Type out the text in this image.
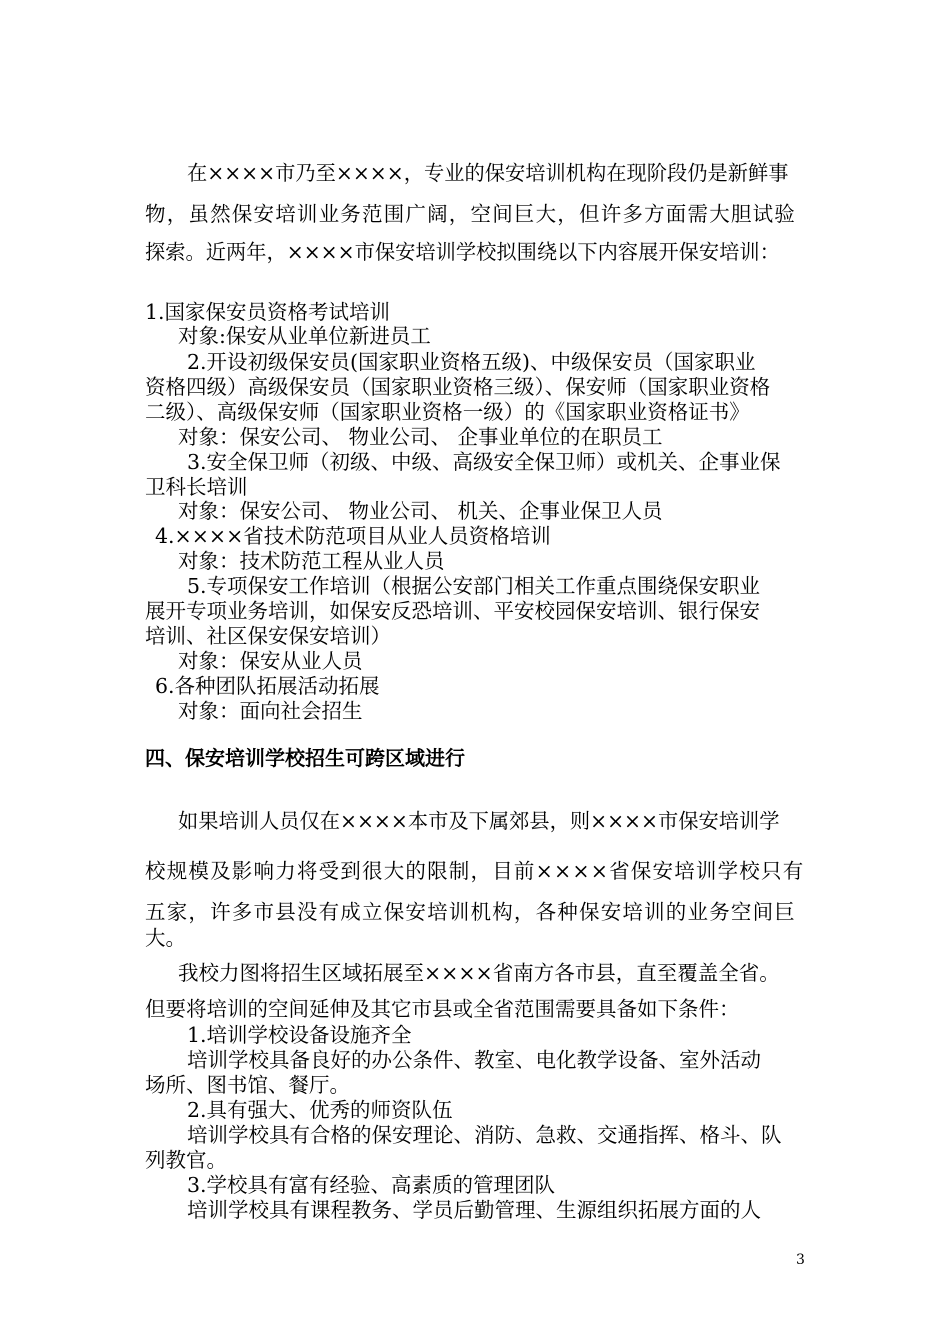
在××××市乃至××××，专业的保安培训机构在现阶段仍是新鲜事
物，虽然保安培训业务范围广阔，空间巨大，但许多方面需大胆试验
探索。近两年，××××市保安培训学校拟围绕以下内容展开保安培训：
1.国家保安员资格考试培训
对象:保安从业单位新进员工
2.开设初级保安员(国家职业资格五级)、中级保安员（国家职业
资格四级）高级保安员（国家职业资格三级）、保安师（国家职业资格
二级）、高级保安师（国家职业资格一级）的《国家职业资格证书》
对象：保安公司、 物业公司、 企事业单位的在职员工
3.安全保卫师（初级、中级、高级安全保卫师）或机关、企事业保
卫科长培训
对象：保安公司、 物业公司、 机关、企事业保卫人员
4.××××省技术防范项目从业人员资格培训
对象：技术防范工程从业人员
5.专项保安工作培训（根据公安部门相关工作重点围绕保安职业
展开专项业务培训，如保安反恐培训、平安校园保安培训、银行保安
培训、社区保安保安培训）
对象：保安从业人员
6.各种团队拓展活动拓展
对象：面向社会招生
四、保安培训学校招生可跨区域进行
如果培训人员仅在××××本市及下属郊县，则××××市保安培训学
校规模及影响力将受到很大的限制，目前××××省保安培训学校只有
五家，许多市县没有成立保安培训机构，各种保安培训的业务空间巨
大。
我校力图将招生区域拓展至××××省南方各市县，直至覆盖全省。
但要将培训的空间延伸及其它市县或全省范围需要具备如下条件：
1.培训学校设备设施齐全
培训学校具备良好的办公条件、教室、电化教学设备、室外活动
场所、图书馆、餐厅。
2.具有强大、优秀的师资队伍
培训学校具有合格的保安理论、消防、急救、交通指挥、格斗、队
列教官。
3.学校具有富有经验、高素质的管理团队
培训学校具有课程教务、学员后勤管理、生源组织拓展方面的人
3
